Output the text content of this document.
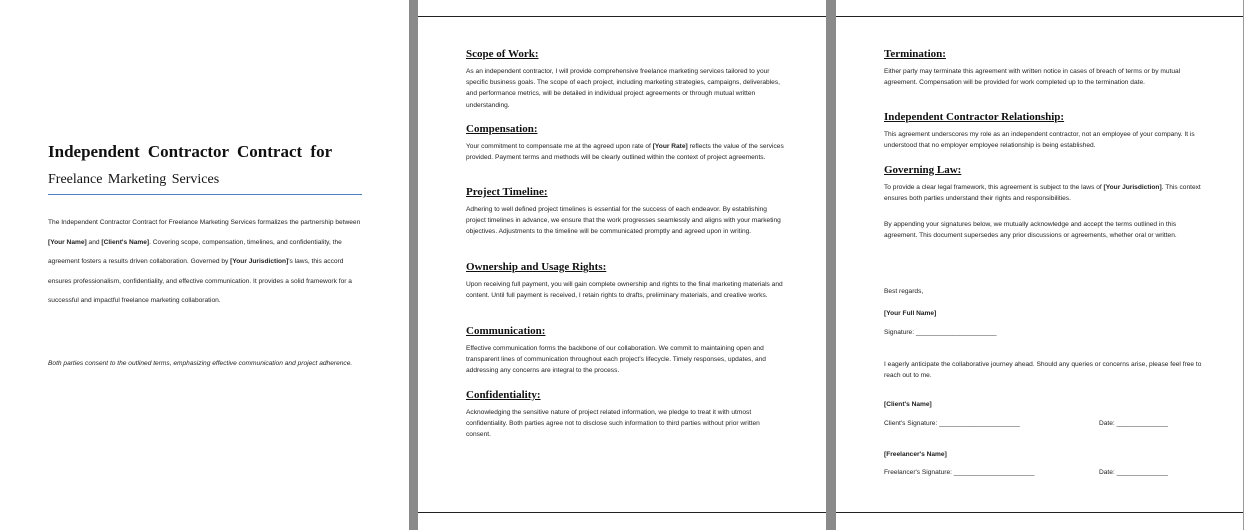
Independent Contractor Contract for
Freelance Marketing Services
The Independent Contractor Contract for Freelance Marketing Services formalizes the partnership between [Your Name] and [Client's Name]. Covering scope, compensation, timelines, and confidentiality, the agreement fosters a results driven collaboration. Governed by [Your Jurisdiction]'s laws, this accord ensures professionalism, confidentiality, and effective communication. It provides a solid framework for a successful and impactful freelance marketing collaboration.
Both parties consent to the outlined terms, emphasizing effective communication and project adherence.
Scope of Work:

As an independent contractor, I will provide comprehensive freelance marketing services tailored to your specific business goals. The scope of each project, including marketing strategies, campaigns, deliverables, and performance metrics, will be detailed in individual project agreements or through mutual written understanding.

Compensation:

Your commitment to compensate me at the agreed upon rate of [Your Rate] reflects the value of the services provided. Payment terms and methods will be clearly outlined within the context of project agreements.

Project Timeline:

Adhering to well defined project timelines is essential for the success of each endeavor. By establishing project timelines in advance, we ensure that the work progresses seamlessly and aligns with your marketing objectives. Adjustments to the timeline will be communicated promptly and agreed upon in writing.

Ownership and Usage Rights:

Upon receiving full payment, you will gain complete ownership and rights to the final marketing materials and content. Until full payment is received, I retain rights to drafts, preliminary materials, and creative works.

Communication:

Effective communication forms the backbone of our collaboration. We commit to maintaining open and transparent lines of communication throughout each project's lifecycle. Timely responses, updates, and addressing any concerns are integral to the process.

Confidentiality:

Acknowledging the sensitive nature of project related information, we pledge to treat it with utmost confidentiality. Both parties agree not to disclose such information to third parties without prior written consent.

Termination:

Either party may terminate this agreement with written notice in cases of breach of terms or by mutual agreement. Compensation will be provided for work completed up to the termination date.

Independent Contractor Relationship:

This agreement underscores my role as an independent contractor, not an employee of your company. It is understood that no employer employee relationship is being established.

Governing Law:

To provide a clear legal framework, this agreement is subject to the laws of [Your Jurisdiction]. This context ensures both parties understand their rights and responsibilities.

By appending your signatures below, we mutually acknowledge and accept the terms outlined in this agreement. This document supersedes any prior discussions or agreements, whether oral or written.

Best regards,

[Your Full Name]

Signature: ______________________

I eagerly anticipate the collaborative journey ahead. Should any queries or concerns arise, please feel free to reach out to me.

[Client's Name]

Client's Signature: ______________________	Date: ______________

[Freelancer's Name]

Freelancer's Signature: ______________________	Date: ______________
